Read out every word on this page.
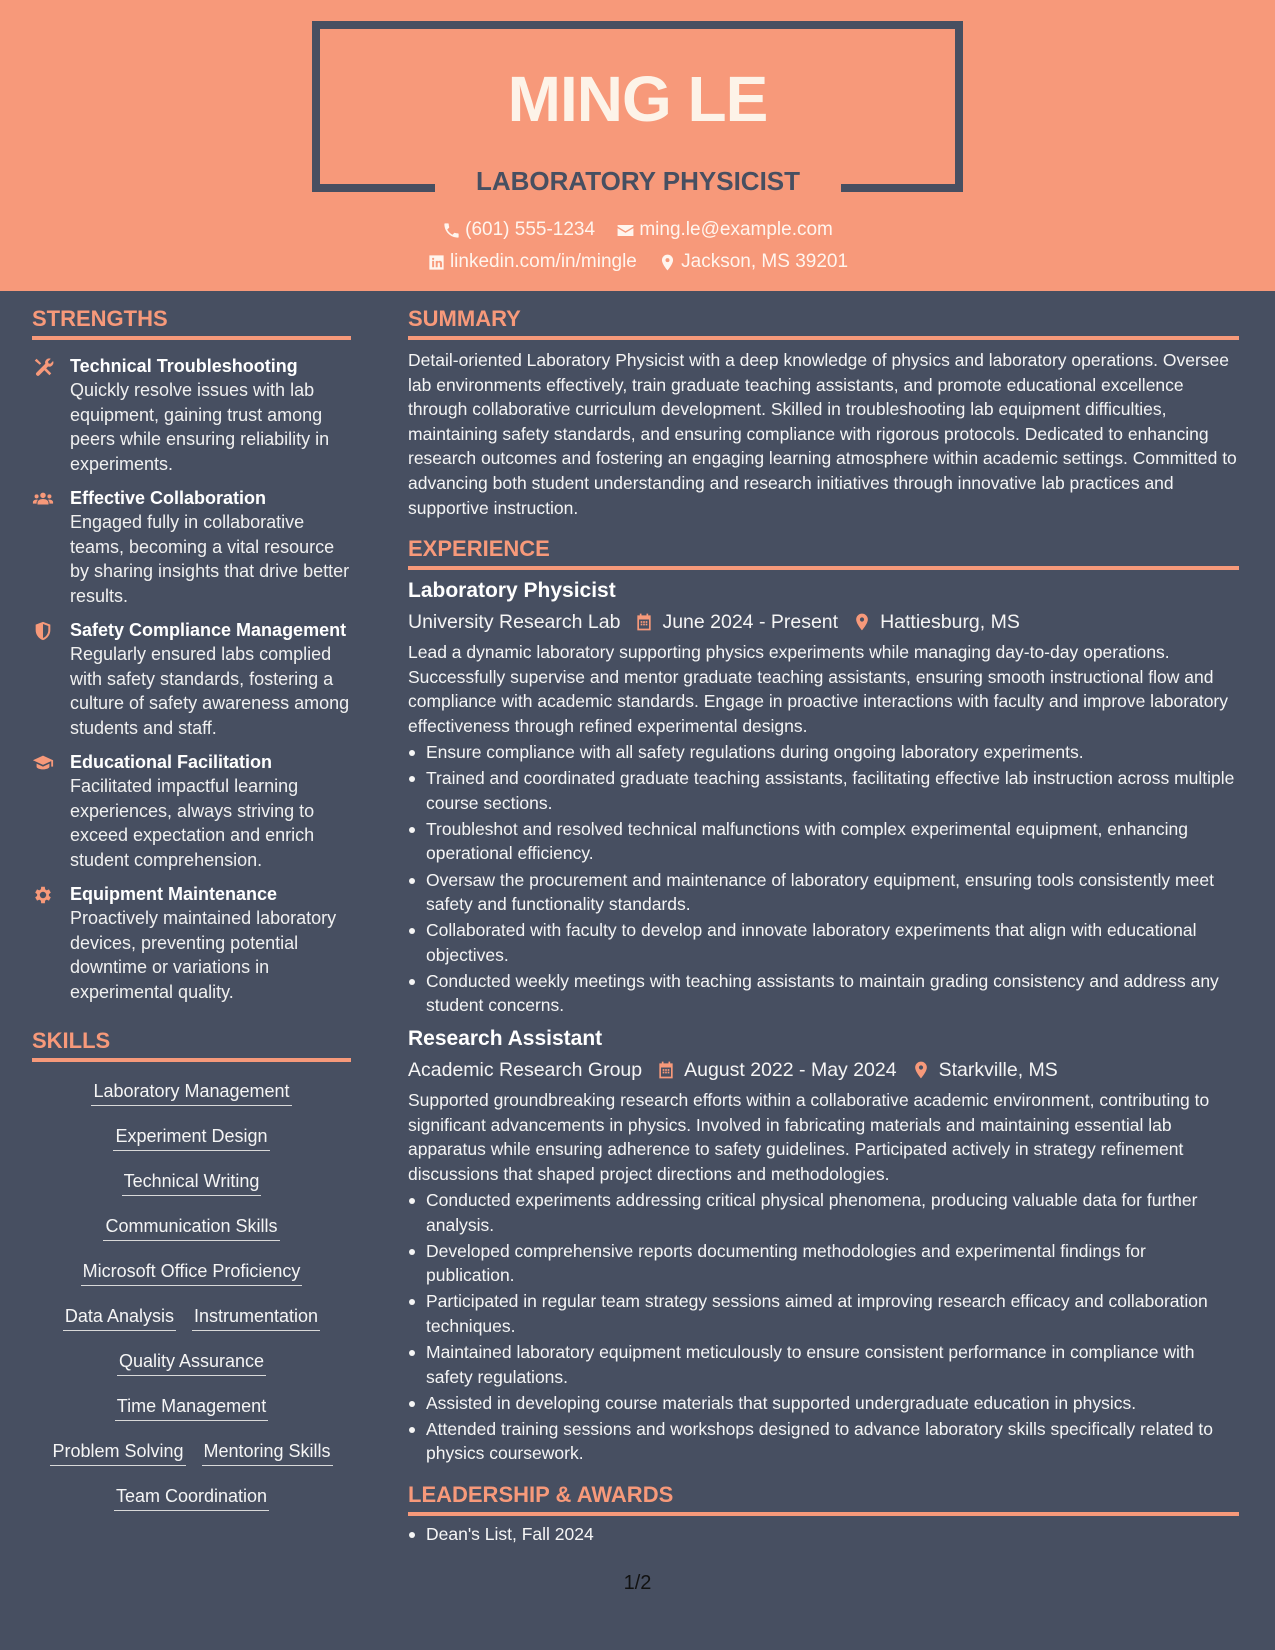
MING LE
LABORATORY PHYSICIST
(601) 555-1234
ming.le@example.com
linkedin.com/in/mingle
Jackson, MS 39201
STRENGTHS
Technical Troubleshooting
Quickly resolve issues with lab equipment, gaining trust among peers while ensuring reliability in experiments.
Effective Collaboration
Engaged fully in collaborative teams, becoming a vital resource by sharing insights that drive better results.
Safety Compliance Management
Regularly ensured labs complied with safety standards, fostering a culture of safety awareness among students and staff.
Educational Facilitation
Facilitated impactful learning experiences, always striving to exceed expectation and enrich student comprehension.
Equipment Maintenance
Proactively maintained laboratory devices, preventing potential downtime or variations in experimental quality.
SKILLS
Laboratory Management
Experiment Design
Technical Writing
Communication Skills
Microsoft Office Proficiency
Data Analysis Instrumentation
Quality Assurance
Time Management
Problem Solving Mentoring Skills
Team Coordination
SUMMARY
Detail-oriented Laboratory Physicist with a deep knowledge of physics and laboratory operations. Oversee lab environments effectively, train graduate teaching assistants, and promote educational excellence through collaborative curriculum development. Skilled in troubleshooting lab equipment difficulties, maintaining safety standards, and ensuring compliance with rigorous protocols. Dedicated to enhancing research outcomes and fostering an engaging learning atmosphere within academic settings. Committed to advancing both student understanding and research initiatives through innovative lab practices and supportive instruction.
EXPERIENCE
Laboratory Physicist
University Research Lab June 2024 - Present Hattiesburg, MS
Lead a dynamic laboratory supporting physics experiments while managing day-to-day operations. Successfully supervise and mentor graduate teaching assistants, ensuring smooth instructional flow and compliance with academic standards. Engage in proactive interactions with faculty and improve laboratory effectiveness through refined experimental designs.
Ensure compliance with all safety regulations during ongoing laboratory experiments.
Trained and coordinated graduate teaching assistants, facilitating effective lab instruction across multiple course sections.
Troubleshot and resolved technical malfunctions with complex experimental equipment, enhancing operational efficiency.
Oversaw the procurement and maintenance of laboratory equipment, ensuring tools consistently meet safety and functionality standards.
Collaborated with faculty to develop and innovate laboratory experiments that align with educational objectives.
Conducted weekly meetings with teaching assistants to maintain grading consistency and address any student concerns.
Research Assistant
Academic Research Group August 2022 - May 2024 Starkville, MS
Supported groundbreaking research efforts within a collaborative academic environment, contributing to significant advancements in physics. Involved in fabricating materials and maintaining essential lab apparatus while ensuring adherence to safety guidelines. Participated actively in strategy refinement discussions that shaped project directions and methodologies.
Conducted experiments addressing critical physical phenomena, producing valuable data for further analysis.
Developed comprehensive reports documenting methodologies and experimental findings for publication.
Participated in regular team strategy sessions aimed at improving research efficacy and collaboration techniques.
Maintained laboratory equipment meticulously to ensure consistent performance in compliance with safety regulations.
Assisted in developing course materials that supported undergraduate education in physics.
Attended training sessions and workshops designed to advance laboratory skills specifically related to physics coursework.
LEADERSHIP & AWARDS
Dean's List, Fall 2024
1/2
